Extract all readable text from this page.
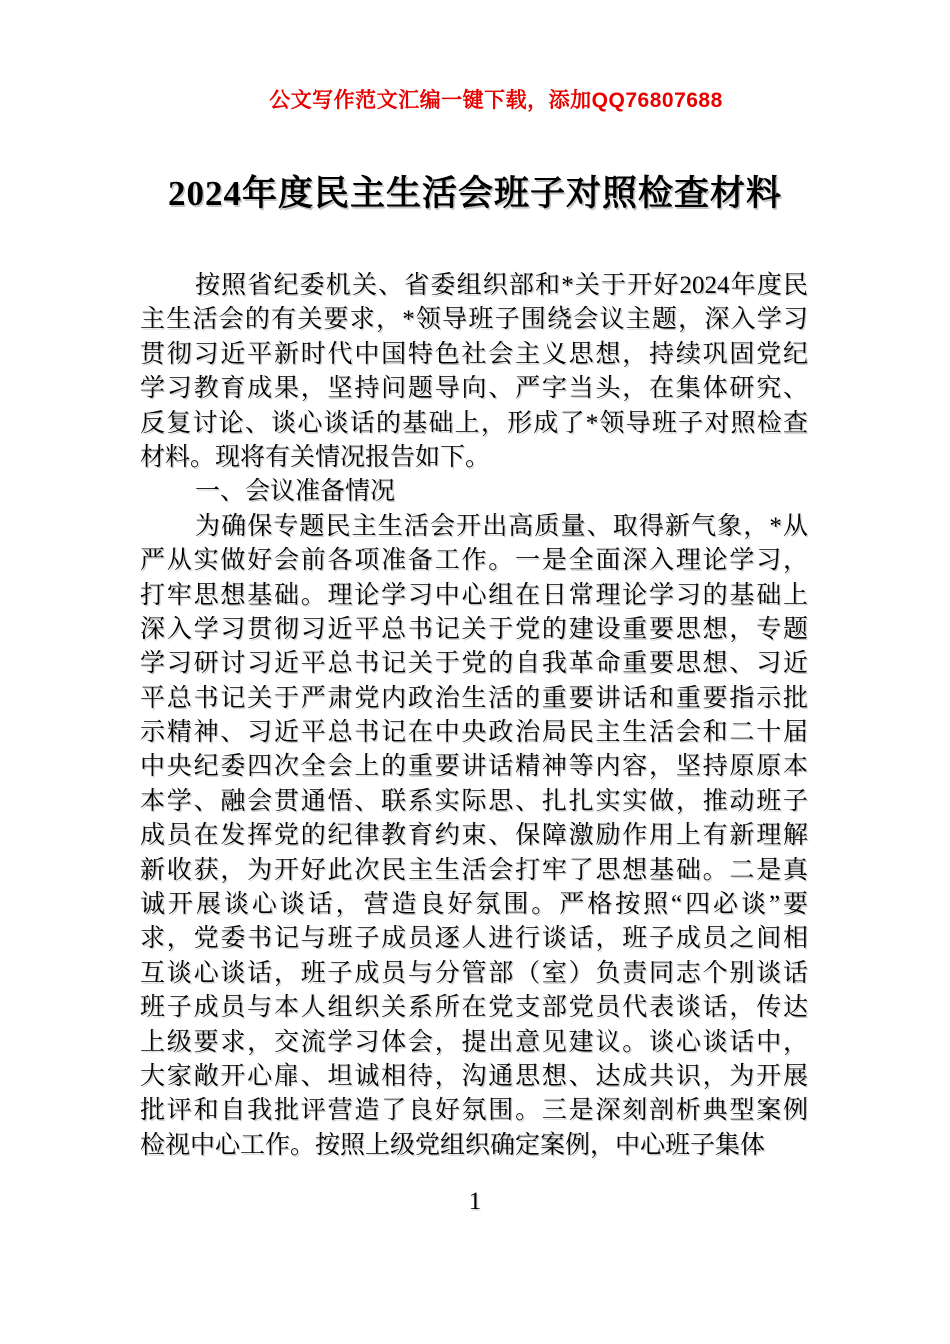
公文写作范文汇编一键下载，添加QQ76807688
2024年度民主生活会班子对照检查材料
按照省纪委机关、省委组织部和*关于开好2024年度民
主生活会的有关要求，*领导班子围绕会议主题，深入学习
贯彻习近平新时代中国特色社会主义思想，持续巩固党纪
学习教育成果，坚持问题导向、严字当头，在集体研究、
反复讨论、谈心谈话的基础上，形成了*领导班子对照检查
材料。现将有关情况报告如下。
一、会议准备情况
为确保专题民主生活会开出高质量、取得新气象，*从
严从实做好会前各项准备工作。一是全面深入理论学习，
打牢思想基础。理论学习中心组在日常理论学习的基础上
深入学习贯彻习近平总书记关于党的建设重要思想，专题
学习研讨习近平总书记关于党的自我革命重要思想、习近
平总书记关于严肃党内政治生活的重要讲话和重要指示批
示精神、习近平总书记在中央政治局民主生活会和二十届
中央纪委四次全会上的重要讲话精神等内容，坚持原原本
本学、融会贯通悟、联系实际思、扎扎实实做，推动班子
成员在发挥党的纪律教育约束、保障激励作用上有新理解
新收获，为开好此次民主生活会打牢了思想基础。二是真
诚开展谈心谈话，营造良好氛围。严格按照“四必谈”要
求，党委书记与班子成员逐人进行谈话，班子成员之间相
互谈心谈话，班子成员与分管部（室）负责同志个别谈话
班子成员与本人组织关系所在党支部党员代表谈话，传达
上级要求，交流学习体会，提出意见建议。谈心谈话中，
大家敞开心扉、坦诚相待，沟通思想、达成共识，为开展
批评和自我批评营造了良好氛围。三是深刻剖析典型案例
检视中心工作。按照上级党组织确定案例，中心班子集体
1
